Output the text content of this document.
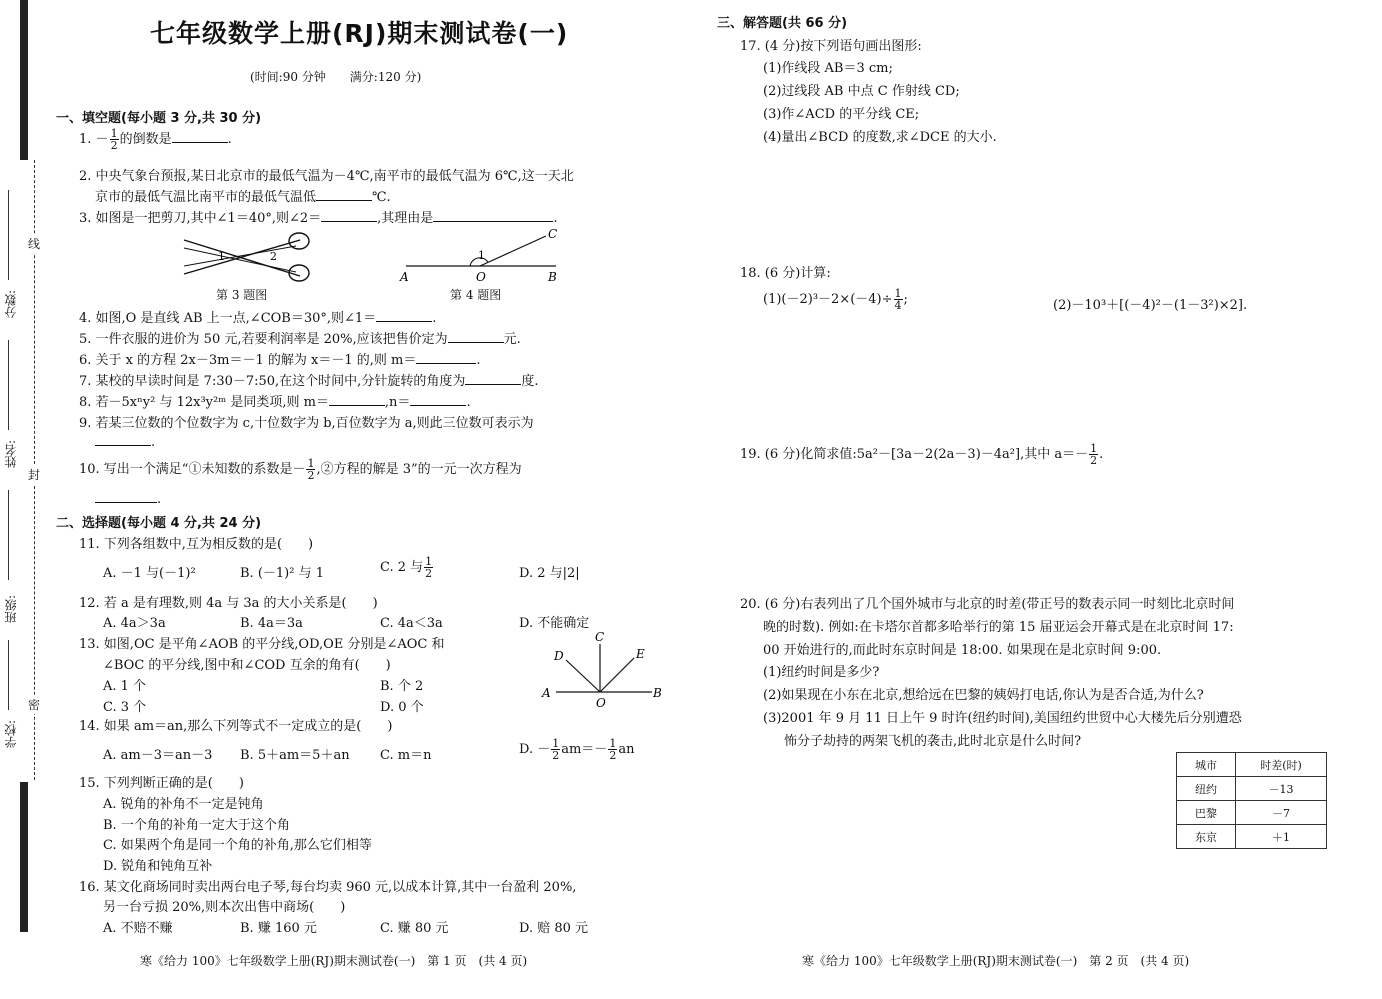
分数:
姓名:
班级:
学校:
线
封
密
七年级数学上册(RJ)期末测试卷(一)
(时间:90 分钟　　满分:120 分)
一、填空题(每小题 3 分,共 30 分)
1. － $\frac{1}{2}$ 的倒数是	.
2. 中央气象台预报,某日北京市的最低气温为－4℃,南平市的最低气温为 6℃,这一天北
京市的最低气温比南平市的最低气温低	℃.
3. 如图是一把剪刀,其中∠1＝40°,则∠2＝	,其理由是	.
1	2
第 3 题图
A	O	B
C
1
第 4 题图
4. 如图,O 是直线 AB 上一点,∠COB＝30°,则∠1＝	.
5. 一件衣服的进价为 50 元,若要利润率是 20%,应该把售价定为	元.
6. 关于 x 的方程 2x－3m＝－1 的解为 x＝－1 的,则 m＝	.
7. 某校的早读时间是 7:30－7:50,在这个时间中,分针旋转的角度为	度.
8. 若－5xⁿy² 与 12x³y²ᵐ 是同类项,则 m＝	,n＝	.
9. 若某三位数的个位数字为 c,十位数字为 b,百位数字为 a,则此三位数可表示为
.
10. 写出一个满足“①未知数的系数是－ $\frac{1}{2}$ ,②方程的解是 3”的一元一次方程为
.
二、选择题(每小题 4 分,共 24 分)
11. 下列各组数中,互为相反数的是(　　)
A. －1 与(－1)²	B. (－1)² 与 1	C. 2 与 $\frac{1}{2}$	D. 2 与|2|
12. 若 a 是有理数,则 4a 与 3a 的大小关系是(　　)
A. 4a＞3a	B. 4a＝3a	C. 4a＜3a	D. 不能确定
13. 如图,OC 是平角∠AOB 的平分线,OD,OE 分别是∠AOC 和
∠BOC 的平分线,图中和∠COD 互余的角有(　　)
A. 1 个	B. 个 2
C. 3 个	D. 0 个
C
D	E
A
O
B
14. 如果 am＝an,那么下列等式不一定成立的是(　　)
A. am－3＝an－3 B. 5＋am＝5＋an C. m＝n	D. － $\frac{1}{2} am=- \frac{1}{2}$ an
15. 下列判断正确的是(　　)
A. 锐角的补角不一定是钝角
B. 一个角的补角一定大于这个角
C. 如果两个角是同一个角的补角,那么它们相等
D. 锐角和钝角互补
16. 某文化商场同时卖出两台电子琴,每台均卖 960 元,以成本计算,其中一台盈利 20%,
另一台亏损 20%,则本次出售中商场(　　)
A. 不赔不赚	B. 赚 160 元	C. 赚 80 元	D. 赔 80 元
寒《给力 100》七年级数学上册(RJ)期末测试卷(一)　第 1 页　(共 4 页)
三、解答题(共 66 分)
17. (4 分)按下列语句画出图形:
(1)作线段 AB＝3 cm;
(2)过线段 AB 中点 C 作射线 CD;
(3)作∠ACD 的平分线 CE;
(4)量出∠BCD 的度数,求∠DCE 的大小.
18. (6 分)计算:
$(1)(-2)^3-2\times(-4)\div \frac{1}{4}$ ;	(2)－10³＋[(－4)²－(1－3²)×2].
19. (6 分)化简求值:5a²－[3a－2(2a－3)－4a²],其中 $a=- \frac{1}{2}$ .
20. (6 分)右表列出了几个国外城市与北京的时差(带正号的数表示同一时刻比北京时间
晚的时数). 例如:在卡塔尔首都多哈举行的第 15 届亚运会开幕式是在北京时间 17:
00 开始进行的,而此时东京时间是 18:00. 如果现在是北京时间 9:00.
(1)纽约时间是多少?
(2)如果现在小东在北京,想给远在巴黎的姨妈打电话,你认为是否合适,为什么?
(3)2001 年 9 月 11 日上午 9 时许(纽约时间),美国纽约世贸中心大楼先后分别遭恐
怖分子劫持的两架飞机的袭击,此时北京是什么时间?
城市	时差(时)
纽约	－13
巴黎	－7
东京	＋1
寒《给力 100》七年级数学上册(RJ)期末测试卷(一)　第 2 页　(共 4 页)
